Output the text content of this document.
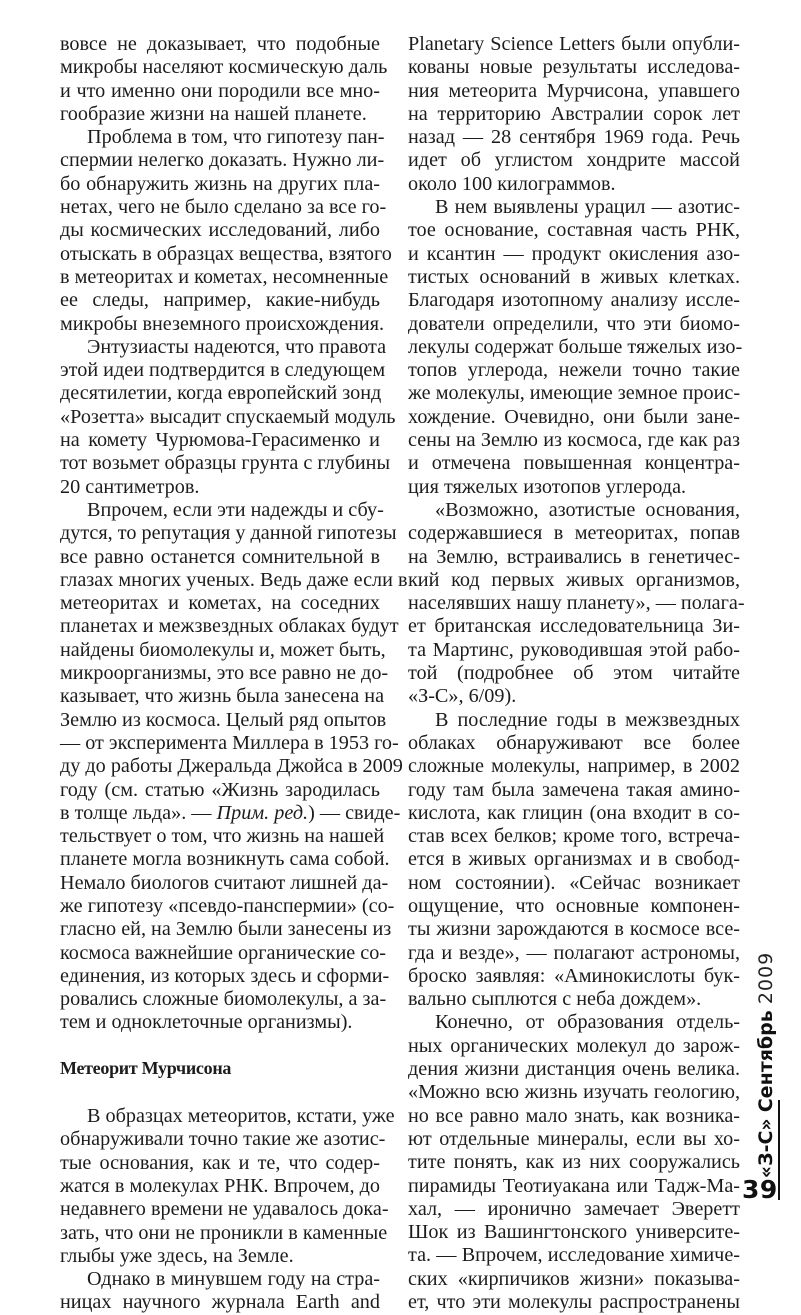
вовсе не доказывает, что подобные
микробы населяют космическую даль
и что именно они породили все мно-
гообразие жизни на нашей планете.
Проблема в том, что гипотезу пан-
спермии нелегко доказать. Нужно ли-
бо обнаружить жизнь на других пла-
нетах, чего не было сделано за все го-
ды космических исследований, либо
отыскать в образцах вещества, взятого
в метеоритах и кометах, несомненные
ее следы, например, какие-нибудь
микробы внеземного происхождения.
Энтузиасты надеются, что правота
этой идеи подтвердится в следующем
десятилетии, когда европейский зонд
«Розетта» высадит спускаемый модуль
на комету Чурюмова-Герасименко и
тот возьмет образцы грунта с глубины
20 сантиметров.
Впрочем, если эти надежды и сбу-
дутся, то репутация у данной гипотезы
все равно останется сомнительной в
глазах многих ученых. Ведь даже если в
метеоритах и кометах, на соседних
планетах и межзвездных облаках будут
найдены биомолекулы и, может быть,
микроорганизмы, это все равно не до-
казывает, что жизнь была занесена на
Землю из космоса. Целый ряд опытов
— от эксперимента Миллера в 1953 го-
ду до работы Джеральда Джойса в 2009
году (см. статью «Жизнь зародилась
в толще льда». — Прим. ред.) — свиде-
тельствует о том, что жизнь на нашей
планете могла возникнуть сама собой.
Немало биологов считают лишней да-
же гипотезу «псевдо-панспермии» (со-
гласно ей, на Землю были занесены из
космоса важнейшие органические со-
единения, из которых здесь и сформи-
ровались сложные биомолекулы, а за-
тем и одноклеточные организмы).
Метеорит Мурчисона
В образцах метеоритов, кстати, уже
обнаруживали точно такие же азотис-
тые основания, как и те, что содер-
жатся в молекулах РНК. Впрочем, до
недавнего времени не удавалось дока-
зать, что они не проникли в каменные
глыбы уже здесь, на Земле.
Однако в минувшем году на стра-
ницах научного журнала Earth and
Planetary Science Letters были опубли-
кованы новые результаты исследова-
ния метеорита Мурчисона, упавшего
на территорию Австралии сорок лет
назад — 28 сентября 1969 года. Речь
идет об углистом хондрите массой
около 100 килограммов.
В нем выявлены урацил — азотис-
тое основание, составная часть РНК,
и ксантин — продукт окисления азо-
тистых оснований в живых клетках.
Благодаря изотопному анализу иссле-
дователи определили, что эти биомо-
лекулы содержат больше тяжелых изо-
топов углерода, нежели точно такие
же молекулы, имеющие земное проис-
хождение. Очевидно, они были зане-
сены на Землю из космоса, где как раз
и отмечена повышенная концентра-
ция тяжелых изотопов углерода.
«Возможно, азотистые основания,
содержавшиеся в метеоритах, попав
на Землю, встраивались в генетичес-
кий код первых живых организмов,
населявших нашу планету», — полага-
ет британская исследовательница Зи-
та Мартинс, руководившая этой рабо-
той (подробнее об этом читайте
«З-С», 6/09).
В последние годы в межзвездных
облаках обнаруживают все более
сложные молекулы, например, в 2002
году там была замечена такая амино-
кислота, как глицин (она входит в со-
став всех белков; кроме того, встреча-
ется в живых организмах и в свобод-
ном состоянии). «Сейчас возникает
ощущение, что основные компонен-
ты жизни зарождаются в космосе все-
гда и везде», — полагают астрономы,
броско заявляя: «Аминокислоты бук-
вально сыплются с неба дождем».
Конечно, от образования отдель-
ных органических молекул до зарож-
дения жизни дистанция очень велика.
«Можно всю жизнь изучать геологию,
но все равно мало знать, как возника-
ют отдельные минералы, если вы хо-
тите понять, как из них сооружались
пирамиды Теотиуакана или Тадж-Ма-
хал, — иронично замечает Эверетт
Шок из Вашингтонского университе-
та. — Впрочем, исследование химиче-
ских «кирпичиков жизни» показыва-
ет, что эти молекулы распространены
«З-С» Сентябрь 2009
39
